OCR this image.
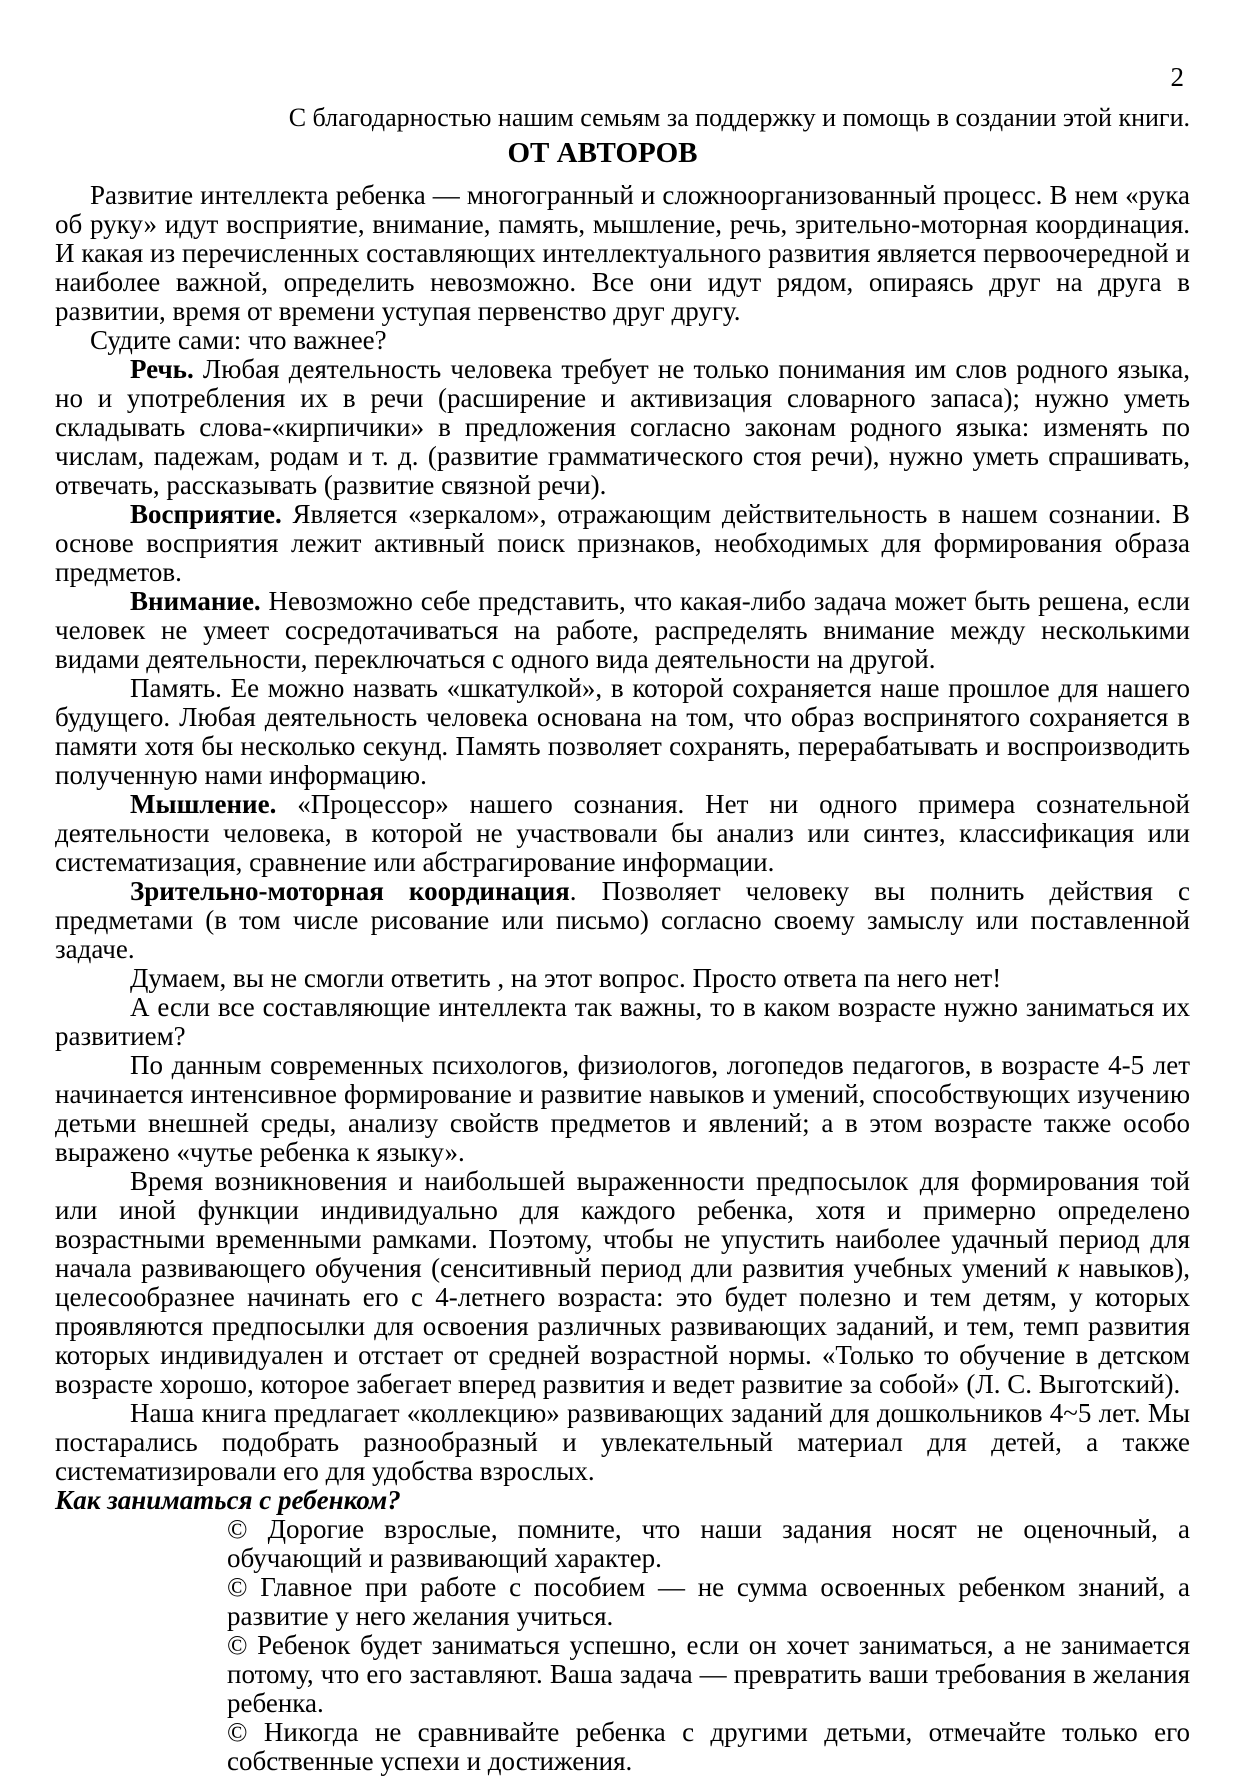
2
С благодарностью нашим семьям за поддержку и помощь в создании этой книги.
ОТ АВТОРОВ

Развитие интеллекта ребенка — многогранный и сложноорганизованный процесс. В нем «рука об руку» идут восприятие, внимание, память, мышление, речь, зрительно-моторная координация. И какая из перечисленных составляющих интеллектуального развития является первоочередной и наиболее важной, определить невозможно. Все они идут рядом, опираясь друг на друга в развитии, время от времени уступая первенство друг другу.

Судите сами: что важнее?

Речь. Любая деятельность человека требует не только понимания им слов родного языка, но и употребления их в речи (расширение и активизация словарного запаса); нужно уметь складывать слова-«кирпичики» в предложения согласно законам родного языка: изменять по числам, падежам, родам и т. д. (развитие грамматического стоя речи), нужно уметь спрашивать, отвечать, рассказывать (развитие связной речи).

Восприятие. Является «зеркалом», отражающим действительность в нашем сознании. В основе восприятия лежит активный поиск признаков, необходимых для формирования образа предметов.

Внимание. Невозможно себе представить, что какая-либо задача может быть решена, если человек не умеет сосредотачиваться на работе, распределять внимание между несколькими видами деятельности, переключаться с одного вида деятельности на другой.

Память. Ее можно назвать «шкатулкой», в которой сохраняется наше прошлое для нашего будущего. Любая деятельность человека основана на том, что образ воспринятого сохраняется в памяти хотя бы несколько секунд. Память позволяет сохранять, перерабатывать и воспроизводить полученную нами информацию.

Мышление. «Процессор» нашего сознания. Нет ни одного примера сознательной деятельности человека, в которой не участвовали бы анализ или синтез, классификация или систематизация, сравнение или абстрагирование информации.

Зрительно-моторная координация. Позволяет человеку вы полнить действия с предметами (в том числе рисование или письмо) согласно своему замыслу или поставленной задаче.

Думаем, вы не смогли ответить , на этот вопрос. Просто ответа па него нет!

А если все составляющие интеллекта так важны, то в каком возрасте нужно заниматься их развитием?

По данным современных психологов, физиологов, логопедов педагогов, в возрасте 4-5 лет начинается интенсивное формирование и развитие навыков и умений, способствующих изучению детьми внешней среды, анализу свойств предметов и явлений; а в этом возрасте также особо выражено «чутье ребенка к языку».

Время возникновения и наибольшей выраженности предпосылок для формирования той или иной функции индивидуально для каждого ребенка, хотя и примерно определено возрастными временными рамками. Поэтому, чтобы не упустить наиболее удачный период для начала развивающего обучения (сенситивный период дли развития учебных умений к навыков), целесообразнее начинать его с 4-летнего возраста: это будет полезно и тем детям, у которых проявляются предпосылки для освоения различных развивающих заданий, и тем, темп развития которых индивидуален и отстает от средней возрастной нормы. «Только то обучение в детском возрасте хорошо, которое забегает вперед развития и ведет развитие за собой» (Л. С. Выготский).

Наша книга предлагает «коллекцию» развивающих заданий для дошкольников 4~5 лет. Мы постарались подобрать разнообразный и увлекательный материал для детей, а также систематизировали его для удобства взрослых.

Как заниматься с ребенком?
© Дорогие взрослые, помните, что наши задания носят не оценочный, а обучающий и развивающий характер.
© Главное при работе с пособием — не сумма освоенных ребенком знаний, а развитие у него желания учиться.
© Ребенок будет заниматься успешно, если он хочет заниматься, а не занимается потому, что его заставляют. Ваша задача — превратить ваши требования в желания ребенка.
© Никогда не сравнивайте ребенка с другими детьми, отмечайте только его собственные успехи и достижения.
